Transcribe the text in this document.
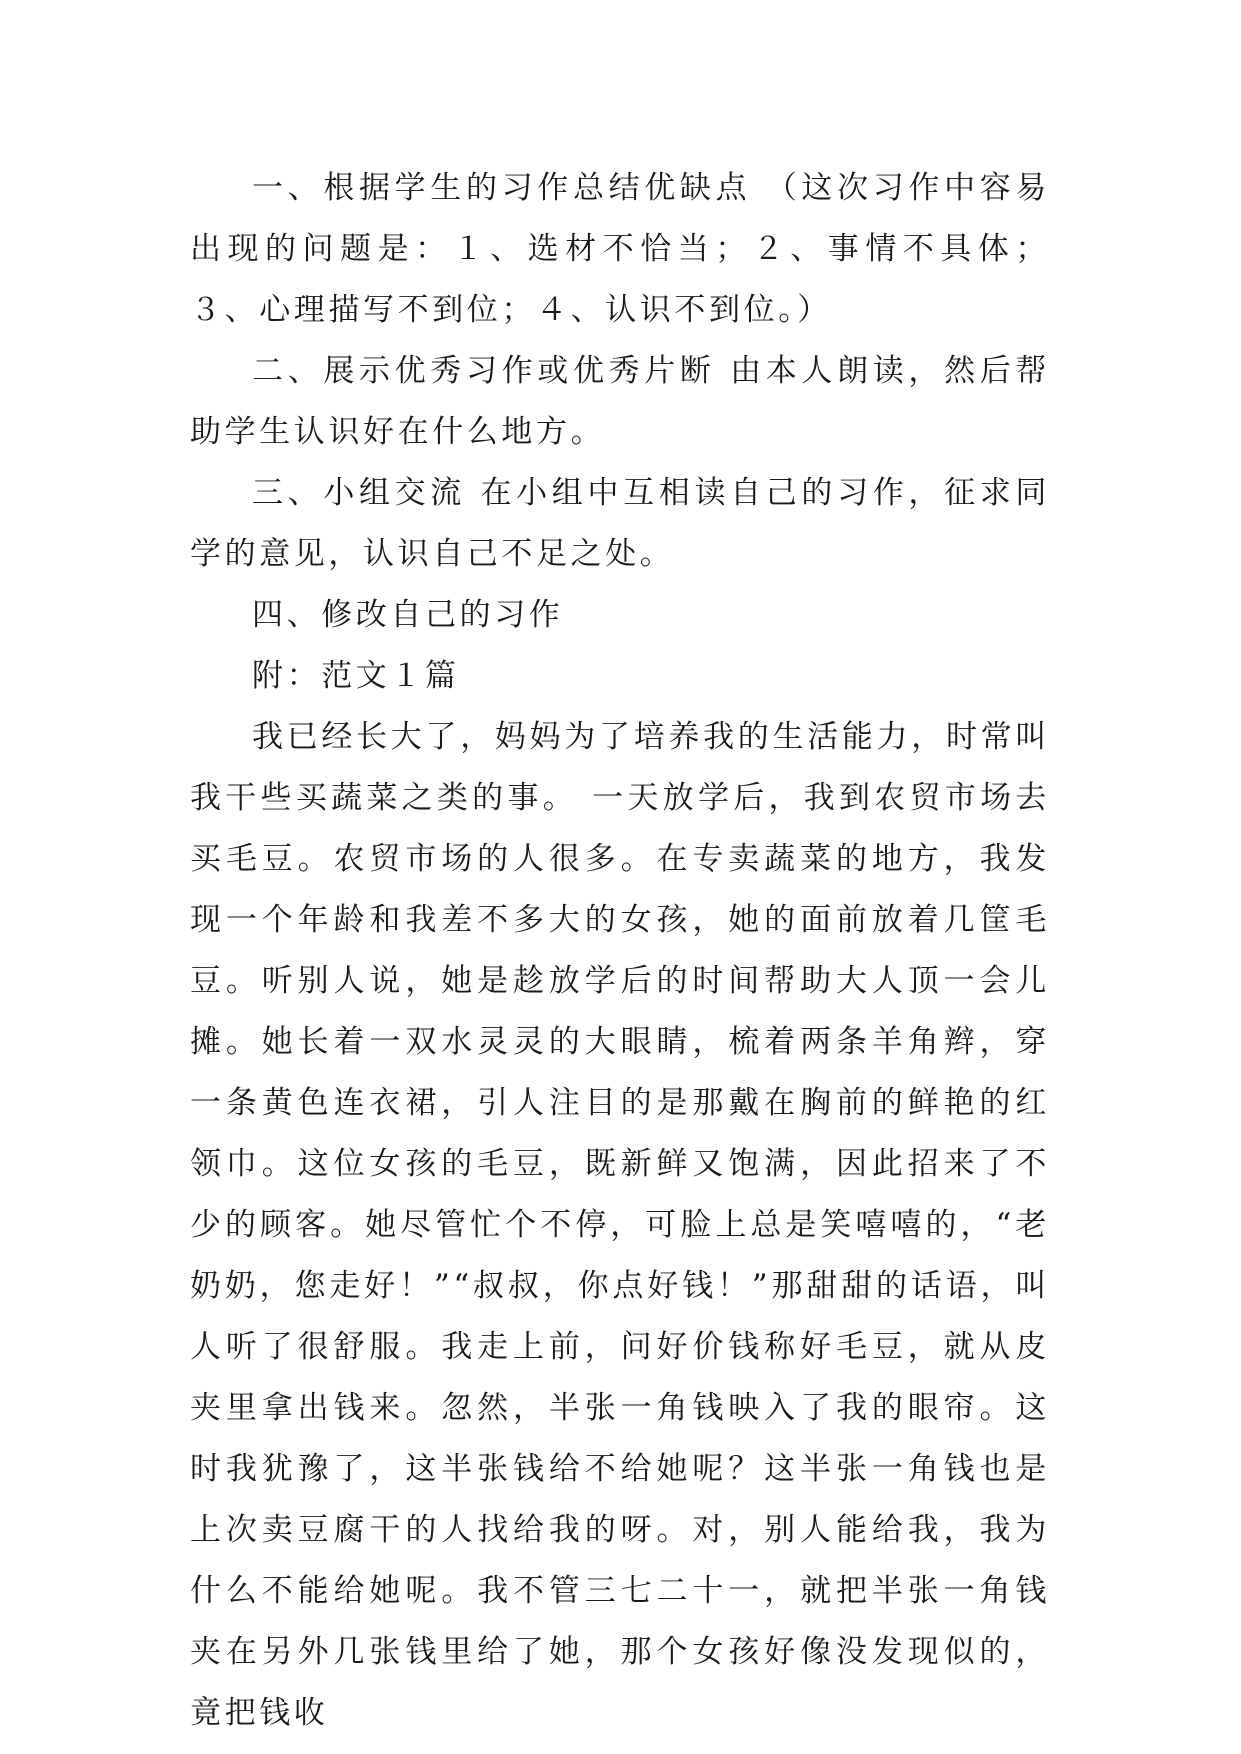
一、根据学生的习作总结优缺点 （这次习作中容易出现的问题是：１、选材不恰当；２、事情不具体；３、心理描写不到位；４、认识不到位。）

二、展示优秀习作或优秀片断 由本人朗读，然后帮助学生认识好在什么地方。

三、小组交流 在小组中互相读自己的习作，征求同学的意见，认识自己不足之处。

四、修改自己的习作

附：范文１篇

我已经长大了，妈妈为了培养我的生活能力，时常叫我干些买蔬菜之类的事。 一天放学后，我到农贸市场去买毛豆。农贸市场的人很多。在专卖蔬菜的地方，我发现一个年龄和我差不多大的女孩，她的面前放着几筐毛豆。听别人说，她是趁放学后的时间帮助大人顶一会儿摊。她长着一双水灵灵的大眼睛，梳着两条羊角辫，穿一条黄色连衣裙，引人注目的是那戴在胸前的鲜艳的红领巾。这位女孩的毛豆，既新鲜又饱满，因此招来了不少的顾客。她尽管忙个不停，可脸上总是笑嘻嘻的，“老奶奶，您走好！”“叔叔，你点好钱！”那甜甜的话语，叫人听了很舒服。我走上前，问好价钱称好毛豆，就从皮夹里拿出钱来。忽然，半张一角钱映入了我的眼帘。这时我犹豫了，这半张钱给不给她呢？这半张一角钱也是上次卖豆腐干的人找给我的呀。对，别人能给我，我为什么不能给她呢。我不管三七二十一，就把半张一角钱夹在另外几张钱里给了她，那个女孩好像没发现似的，竟把钱收
